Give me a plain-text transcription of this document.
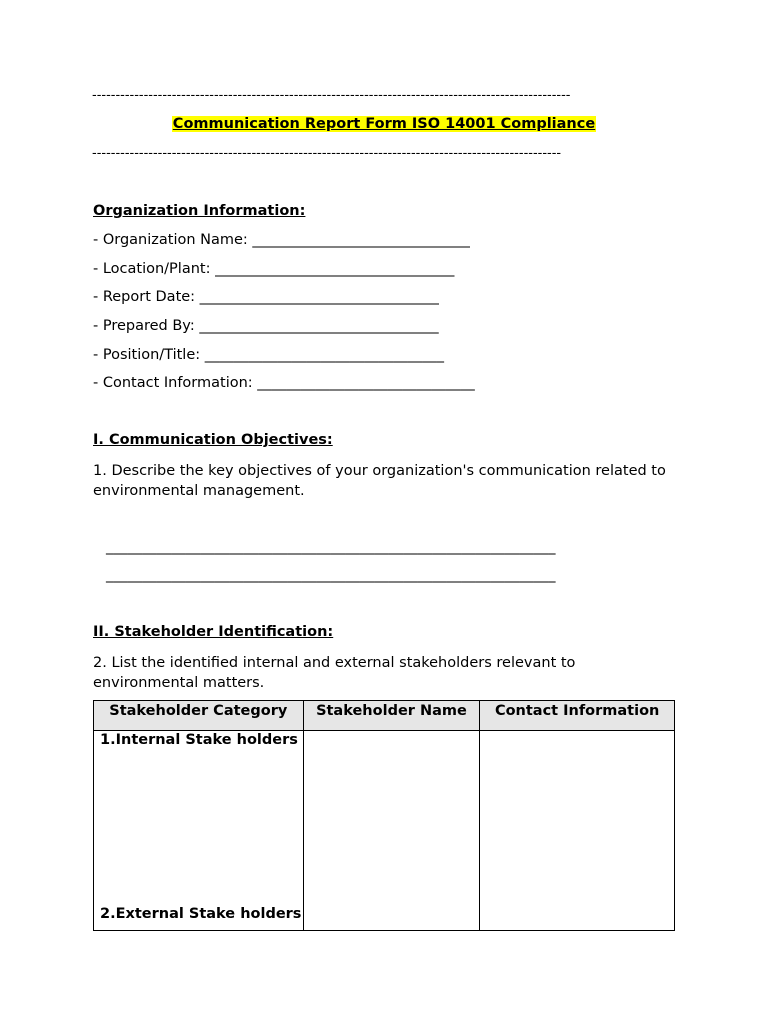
------------------------------------------------------------------------------------------------------
Communication Report Form ISO 14001 Compliance
----------------------------------------------------------------------------------------------------
Organization Information:
- Organization Name: ______________________________
- Location/Plant: _________________________________
- Report Date: _________________________________
- Prepared By: _________________________________
- Position/Title: _________________________________
- Contact Information: ______________________________
I. Communication Objectives:
1. Describe the key objectives of your organization's communication related to environmental management.
______________________________________________________________
______________________________________________________________
II. Stakeholder Identification:
2. List the identified internal and external stakeholders relevant to environmental matters.
Stakeholder Category	Stakeholder Name	Contact Information

1.Internal Stake holders
2.External Stake holders		
